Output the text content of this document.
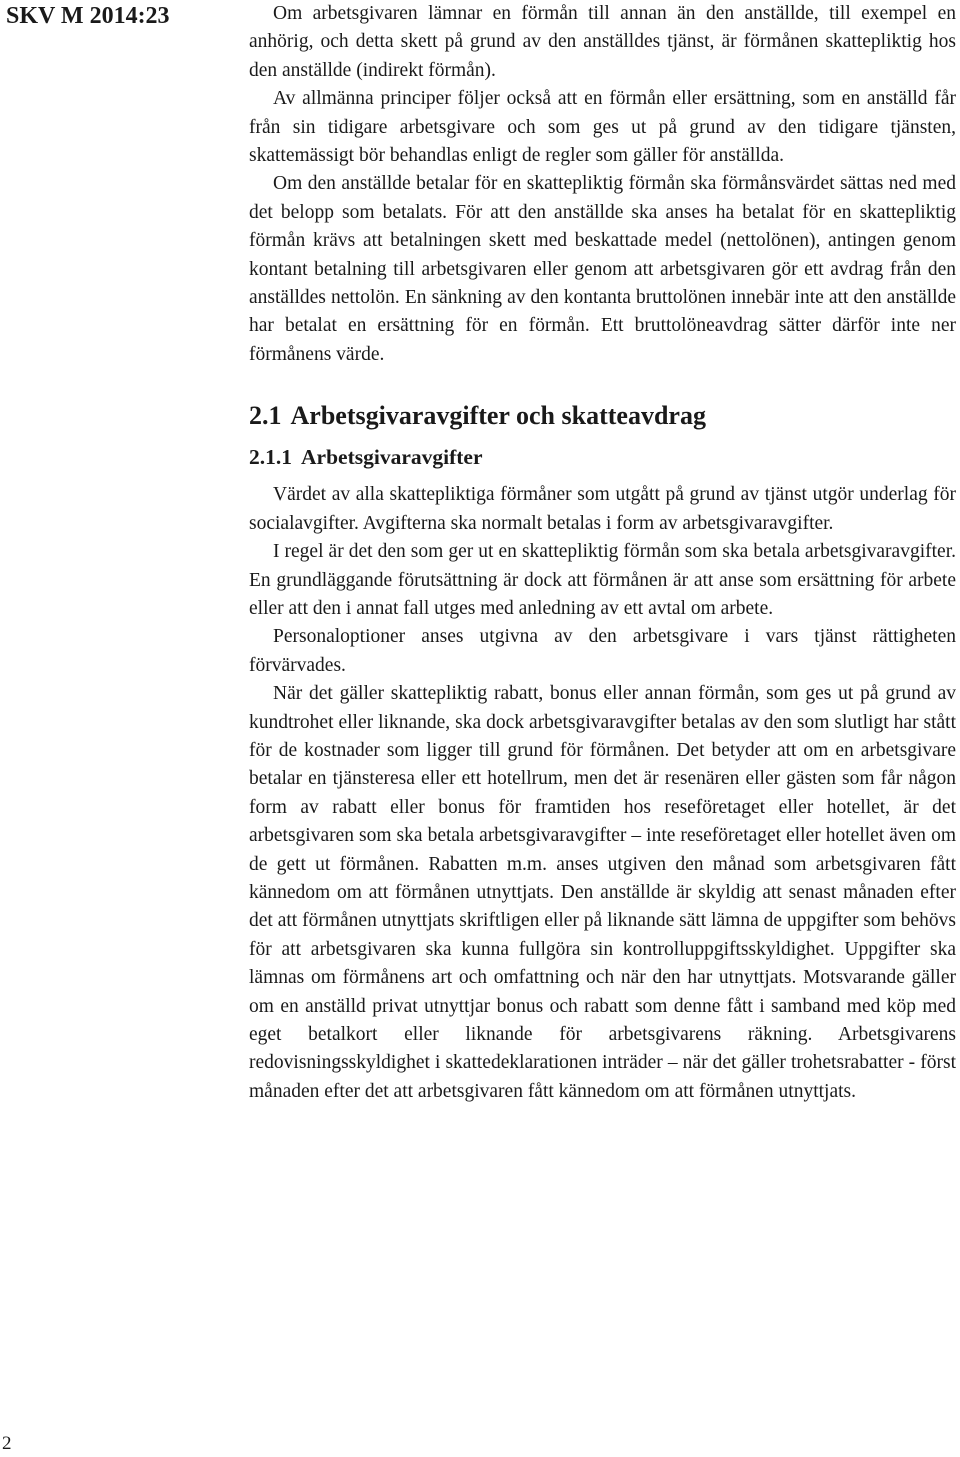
SKV M 2014:23	Om arbetsgivaren lämnar en förmån till annan än den anställde, till exempel en anhörig, och detta skett på grund av den anställdes tjänst, är förmånen skattepliktig hos den anställde (indirekt förmån).

Av allmänna principer följer också att en förmån eller ersättning, som en anställd får från sin tidigare arbetsgivare och som ges ut på grund av den tidigare tjänsten, skattemässigt bör behandlas enligt de regler som gäller för anställda.

Om den anställde betalar för en skattepliktig förmån ska förmånsvärdet sättas ned med det belopp som betalats. För att den anställde ska anses ha betalat för en skattepliktig förmån krävs att betalningen skett med beskattade medel (nettolönen), antingen genom kontant betalning till arbetsgivaren eller genom att arbetsgivaren gör ett avdrag från den anställdes nettolön. En sänkning av den kontanta bruttolönen innebär inte att den anställde har betalat en ersättning för en förmån. Ett bruttolöneavdrag sätter därför inte ner förmånens värde.

2.1 Arbetsgivaravgifter och skatteavdrag
2.1.1 Arbetsgivaravgifter

Värdet av alla skattepliktiga förmåner som utgått på grund av tjänst utgör underlag för socialavgifter. Avgifterna ska normalt betalas i form av arbetsgivaravgifter.

I regel är det den som ger ut en skattepliktig förmån som ska betala arbetsgivaravgifter. En grundläggande förutsättning är dock att förmånen är att anse som ersättning för arbete eller att den i annat fall utges med anledning av ett avtal om arbete.

Personaloptioner anses utgivna av den arbetsgivare i vars tjänst rättigheten förvärvades.

När det gäller skattepliktig rabatt, bonus eller annan förmån, som ges ut på grund av kundtrohet eller liknande, ska dock arbetsgivaravgifter betalas av den som slutligt har stått för de kostnader som ligger till grund för förmånen. Det betyder att om en arbetsgivare betalar en tjänsteresa eller ett hotellrum, men det är resenären eller gästen som får någon form av rabatt eller bonus för framtiden hos reseföretaget eller hotellet, är det arbetsgivaren som ska betala arbetsgivaravgifter – inte reseföretaget eller hotellet även om de gett ut förmånen. Rabatten m.m. anses utgiven den månad som arbetsgivaren fått kännedom om att förmånen utnyttjats. Den anställde är skyldig att senast månaden efter det att förmånen utnyttjats skriftligen eller på liknande sätt lämna de uppgifter som behövs för att arbetsgivaren ska kunna fullgöra sin kontrolluppgiftsskyldighet. Uppgifter ska lämnas om förmånens art och omfattning och när den har utnyttjats. Motsvarande gäller om en anställd privat utnyttjar bonus och rabatt som denne fått i samband med köp med eget betalkort eller liknande för arbetsgivarens räkning. Arbetsgivarens redovisningsskyldighet i skattedeklarationen inträder – när det gäller trohetsrabatter - först månaden efter det att arbetsgivaren fått kännedom om att förmånen utnyttjats.

2
